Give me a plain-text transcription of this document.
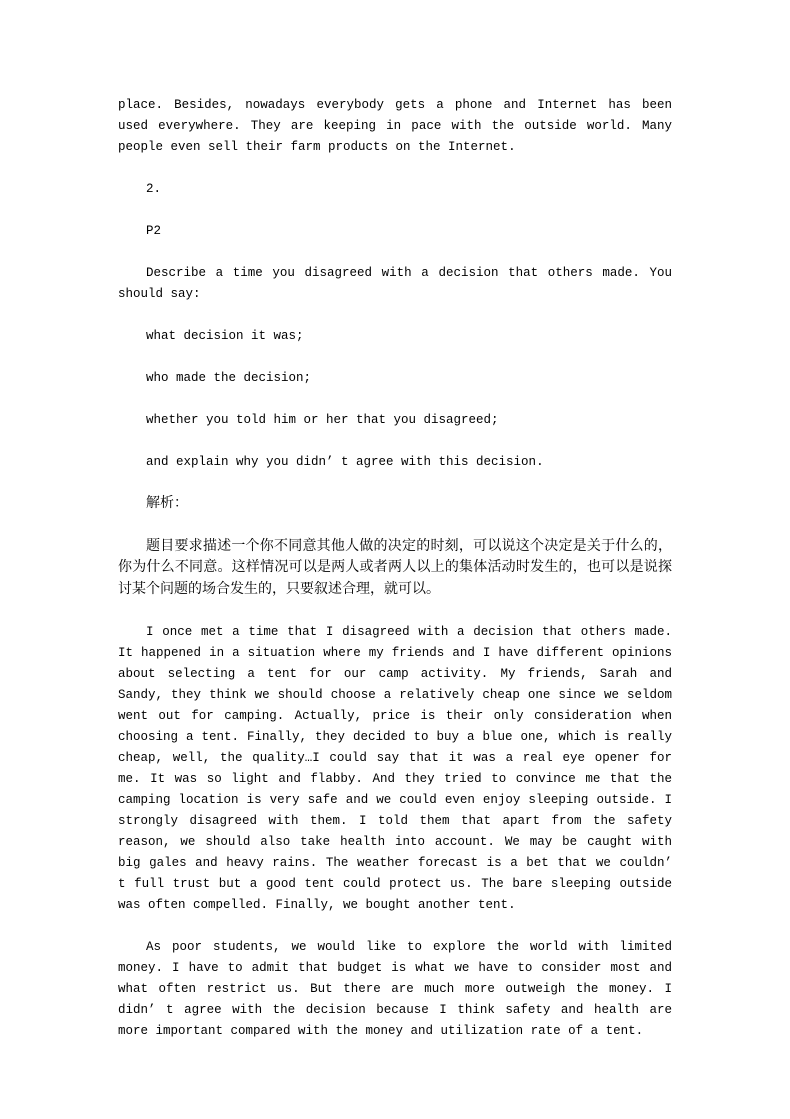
place. Besides, nowadays everybody gets a phone and Internet has been used everywhere. They are keeping in pace with the outside world. Many people even sell their farm products on the Internet.

2.

P2

Describe a time you disagreed with a decision that others made. You should say:

what decision it was;

who made the decision;

whether you told him or her that you disagreed;

and explain why you didn’ t agree with this decision.

解析：

题目要求描述一个你不同意其他人做的决定的时刻，可以说这个决定是关于什么的，你为什么不同意。这样情况可以是两人或者两人以上的集体活动时发生的，也可以是说探讨某个问题的场合发生的，只要叙述合理，就可以。

I once met a time that I disagreed with a decision that others made. It happened in a situation where my friends and I have different opinions about selecting a tent for our camp activity. My friends, Sarah and Sandy, they think we should choose a relatively cheap one since we seldom went out for camping. Actually, price is their only consideration when choosing a tent. Finally, they decided to buy a blue one, which is really cheap, well, the quality…I could say that it was a real eye opener for me. It was so light and flabby. And they tried to convince me that the camping location is very safe and we could even enjoy sleeping outside. I strongly disagreed with them. I told them that apart from the safety reason, we should also take health into account. We may be caught with big gales and heavy rains. The weather forecast is a bet that we couldn’ t full trust but a good tent could protect us. The bare sleeping outside was often compelled. Finally, we bought another tent.

As poor students, we would like to explore the world with limited money. I have to admit that budget is what we have to consider most and what often restrict us. But there are much more outweigh the money. I didn’ t agree with the decision because I think safety and health are more important compared with the money and utilization rate of a tent.
